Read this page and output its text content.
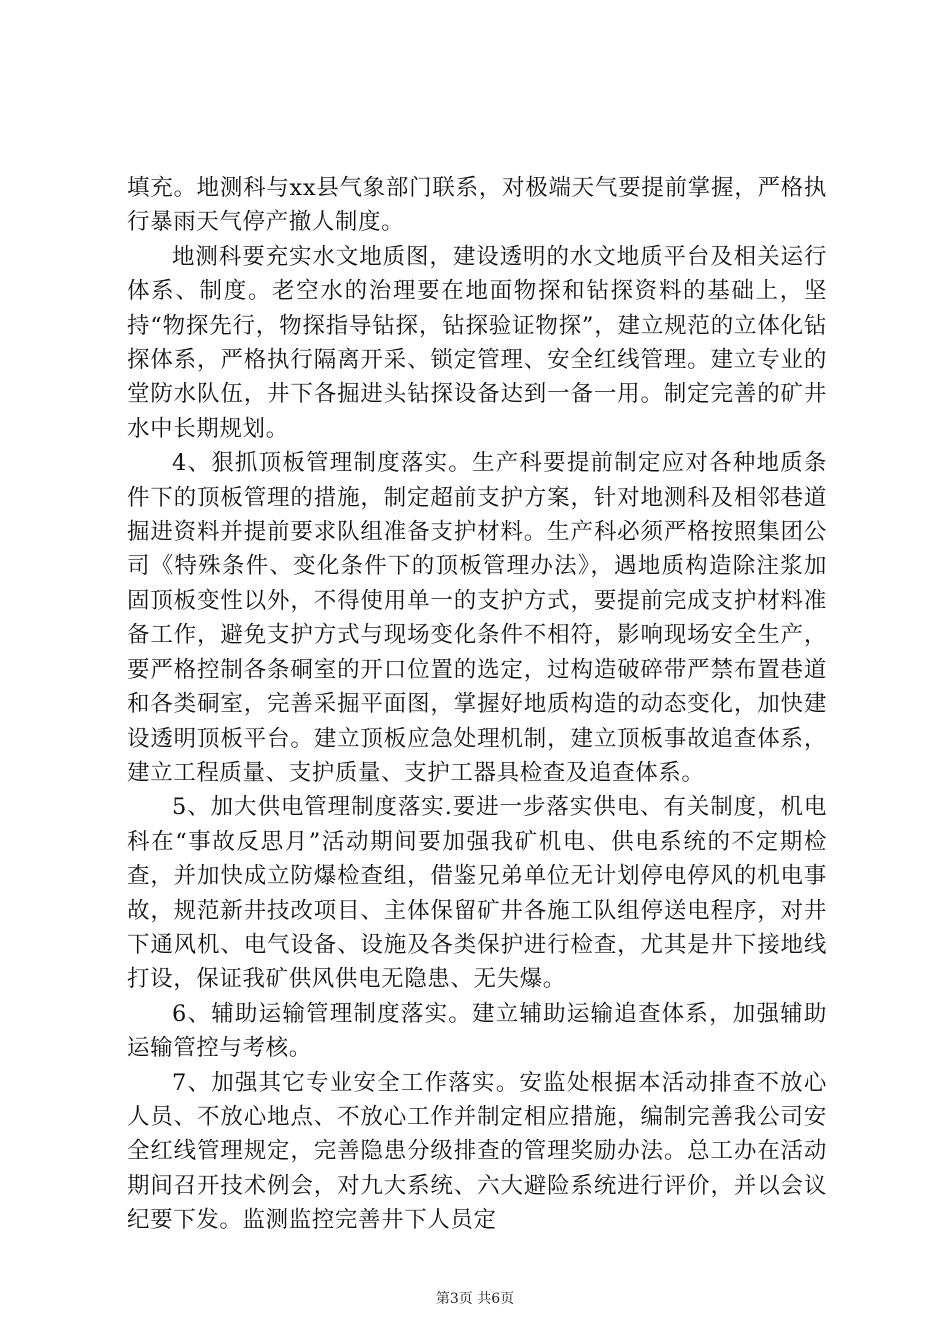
填充。地测科与xx县气象部门联系，对极端天气要提前掌握，严格执行暴雨天气停产撤人制度。

地测科要充实水文地质图，建设透明的水文地质平台及相关运行体系、制度。老空水的治理要在地面物探和钻探资料的基础上，坚持“物探先行，物探指导钻探，钻探验证物探”，建立规范的立体化钻探体系，严格执行隔离开采、锁定管理、安全红线管理。建立专业的堂防水队伍，井下各掘进头钻探设备达到一备一用。制定完善的矿井水中长期规划。

4、狠抓顶板管理制度落实。生产科要提前制定应对各种地质条件下的顶板管理的措施，制定超前支护方案，针对地测科及相邻巷道掘进资料并提前要求队组准备支护材料。生产科必须严格按照集团公司《特殊条件、变化条件下的顶板管理办法》，遇地质构造除注浆加固顶板变性以外，不得使用单一的支护方式，要提前完成支护材料准备工作，避免支护方式与现场变化条件不相符，影响现场安全生产，要严格控制各条硐室的开口位置的选定，过构造破碎带严禁布置巷道和各类硐室，完善采掘平面图，掌握好地质构造的动态变化，加快建设透明顶板平台。建立顶板应急处理机制，建立顶板事故追查体系，建立工程质量、支护质量、支护工器具检查及追查体系。

5、加大供电管理制度落实.要进一步落实供电、有关制度，机电科在“事故反思月”活动期间要加强我矿机电、供电系统的不定期检查，并加快成立防爆检查组，借鉴兄弟单位无计划停电停风的机电事故，规范新井技改项目、主体保留矿井各施工队组停送电程序，对井下通风机、电气设备、设施及各类保护进行检查，尤其是井下接地线打设，保证我矿供风供电无隐患、无失爆。

6、辅助运输管理制度落实。建立辅助运输追查体系，加强辅助运输管控与考核。

7、加强其它专业安全工作落实。安监处根据本活动排查不放心人员、不放心地点、不放心工作并制定相应措施，编制完善我公司安全红线管理规定，完善隐患分级排查的管理奖励办法。总工办在活动期间召开技术例会，对九大系统、六大避险系统进行评价，并以会议纪要下发。监测监控完善井下人员定

第3页 共6页
